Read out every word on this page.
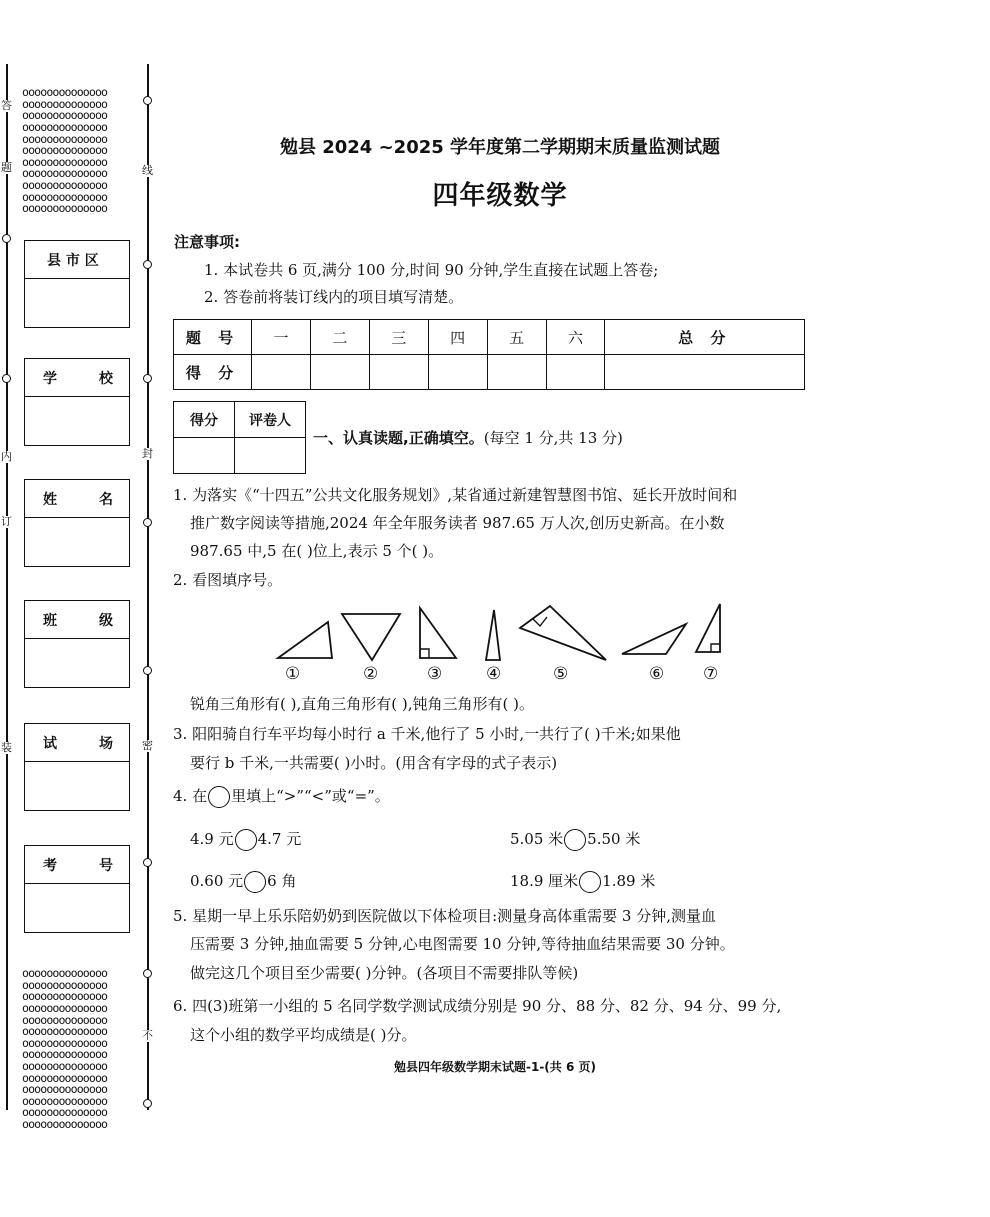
oooooooooooooo
oooooooooooooo
oooooooooooooo
oooooooooooooo
oooooooooooooo
oooooooooooooo
oooooooooooooo
oooooooooooooo
oooooooooooooo
oooooooooooooo
oooooooooooooo

oooooooooooooo
oooooooooooooo
oooooooooooooo
oooooooooooooo
oooooooooooooo
oooooooooooooo
oooooooooooooo
oooooooooooooo
oooooooooooooo
oooooooooooooo
oooooooooooooo
oooooooooooooo
oooooooooooooo
oooooooooooooo

答
题	线
封
密
不
内
订
装
县 市 区
学	校
姓	名
班	级
试	场
考	号
勉县 2024 ~2025 学年度第二学期期末质量监测试题
四年级数学
注意事项:
1. 本试卷共 6 页,满分 100 分,时间 90 分钟,学生直接在试题上答卷;
2. 答卷前将装订线内的项目填写清楚。
题 号	一	二	三	四	五	六	总 分
得 分							
得分	评卷人

一、认真读题,正确填空。(每空 1 分,共 13 分)
1. 为落实《“十四五”公共文化服务规划》,某省通过新建智慧图书馆、延长开放时间和
推广数字阅读等措施,2024 年全年服务读者 987.65 万人次,创历史新高。在小数
987.65 中,5 在( )位上,表示 5 个( )。
2. 看图填序号。
①	②	③	④	⑤	⑥ ⑦
锐角三角形有( ),直角三角形有( ),钝角三角形有( )。
3. 阳阳骑自行车平均每小时行 a 千米,他行了 5 小时,一共行了( )千米;如果他
要行 b 千米,一共需要( )小时。(用含有字母的式子表示)
4. 在 里填上“>”“<”或“=”。
4.9 元 4.7 元	5.05 米 5.50 米
0.60 元 6 角	18.9 厘米 1.89 米
5. 星期一早上乐乐陪奶奶到医院做以下体检项目:测量身高体重需要 3 分钟,测量血
压需要 3 分钟,抽血需要 5 分钟,心电图需要 10 分钟,等待抽血结果需要 30 分钟。
做完这几个项目至少需要( )分钟。(各项目不需要排队等候)
6. 四(3)班第一小组的 5 名同学数学测试成绩分别是 90 分、88 分、82 分、94 分、99 分,
这个小组的数学平均成绩是( )分。
勉县四年级数学期末试题-1-(共 6 页)
